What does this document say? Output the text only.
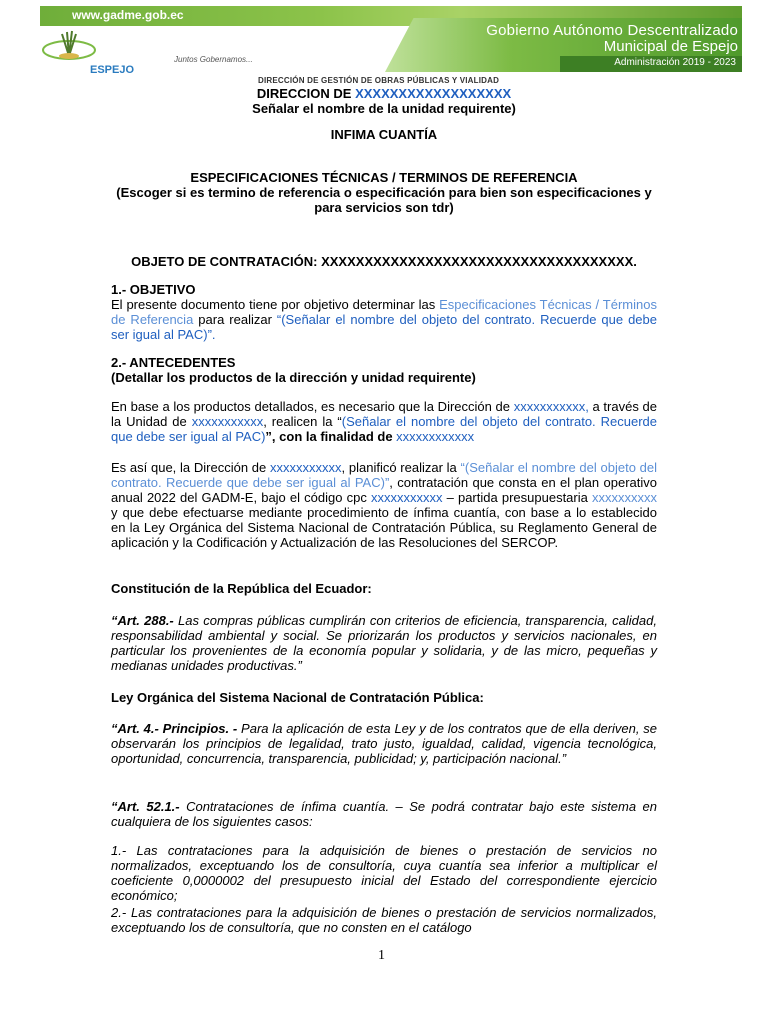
www.gadme.gob.ec
Gobierno Autónomo Descentralizado
Municipal de Espejo
Administración 2019 - 2023
Juntos Gobernamos...
ESPEJO
DIRECCIÓN DE GESTIÓN DE OBRAS PÚBLICAS Y VIALIDAD
DIRECCION DE XXXXXXXXXXXXXXXXXX
Señalar el nombre de la unidad requirente)
INFIMA CUANTÍA
ESPECIFICACIONES TÉCNICAS / TERMINOS DE REFERENCIA
(Escoger si es termino de referencia o especificación para bien son especificaciones y para servicios son tdr)
OBJETO DE CONTRATACIÓN: XXXXXXXXXXXXXXXXXXXXXXXXXXXXXXXXXXXX.
1.- OBJETIVO
El presente documento tiene por objetivo determinar las Especificaciones Técnicas / Términos de Referencia para realizar “(Señalar el nombre del objeto del contrato. Recuerde que debe ser igual al PAC)”.
2.- ANTECEDENTES
(Detallar los productos de la dirección y unidad requirente)
En base a los productos detallados, es necesario que la Dirección de xxxxxxxxxxx, a través de la Unidad de xxxxxxxxxxx, realicen la “(Señalar el nombre del objeto del contrato. Recuerde que debe ser igual al PAC)”, con la finalidad de xxxxxxxxxxxx
Es así que, la Dirección de xxxxxxxxxxx, planificó realizar la “(Señalar el nombre del objeto del contrato. Recuerde que debe ser igual al PAC)”, contratación que consta en el plan operativo anual 2022 del GADM-E, bajo el código cpc xxxxxxxxxxx – partida presupuestaria xxxxxxxxxx y que debe efectuarse mediante procedimiento de ínfima cuantía, con base a lo establecido en la Ley Orgánica del Sistema Nacional de Contratación Pública, su Reglamento General de aplicación y la Codificación y Actualización de las Resoluciones del SERCOP.
Constitución de la República del Ecuador:
“Art. 288.- Las compras públicas cumplirán con criterios de eficiencia, transparencia, calidad, responsabilidad ambiental y social. Se priorizarán los productos y servicios nacionales, en particular los provenientes de la economía popular y solidaria, y de las micro, pequeñas y medianas unidades productivas.”
Ley Orgánica del Sistema Nacional de Contratación Pública:
“Art. 4.- Principios. - Para la aplicación de esta Ley y de los contratos que de ella deriven, se observarán los principios de legalidad, trato justo, igualdad, calidad, vigencia tecnológica, oportunidad, concurrencia, transparencia, publicidad; y, participación nacional.”
“Art. 52.1.- Contrataciones de ínfima cuantía. – Se podrá contratar bajo este sistema en cualquiera de los siguientes casos:
1.- Las contrataciones para la adquisición de bienes o prestación de servicios no normalizados, exceptuando los de consultoría, cuya cuantía sea inferior a multiplicar el coeficiente 0,0000002 del presupuesto inicial del Estado del correspondiente ejercicio económico;
2.- Las contrataciones para la adquisición de bienes o prestación de servicios normalizados, exceptuando los de consultoría, que no consten en el catálogo
1
